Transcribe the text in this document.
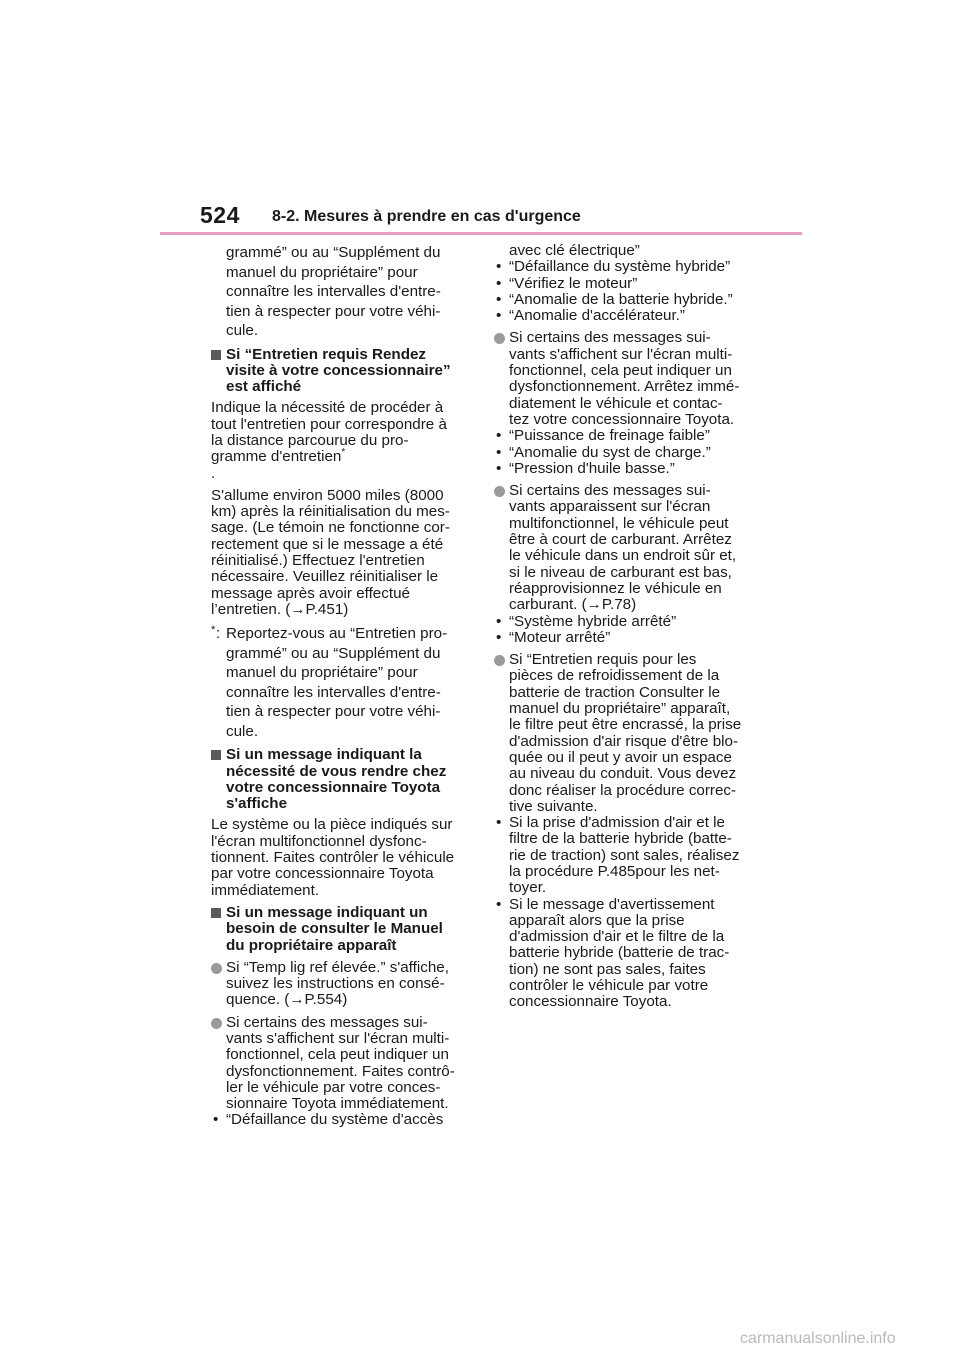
524 8-2. Mesures à prendre en cas d'urgence
grammé” ou au “Supplément du
manuel du propriétaire” pour
connaître les intervalles d'entre-
tien à respecter pour votre véhi-
cule.
Si “Entretien requis Rendez
visite à votre concessionnaire”
est affiché
Indique la nécessité de procéder à
tout l'entretien pour correspondre à
la distance parcourue du pro-
gramme d'entretien*
.
S'allume environ 5000 miles (8000
km) après la réinitialisation du mes-
sage. (Le témoin ne fonctionne cor-
rectement que si le message a été
réinitialisé.) Effectuez l'entretien
nécessaire. Veuillez réinitialiser le
message après avoir effectué
l’entretien. (→P.451)
* : Reportez-vous au “Entretien pro-
grammé” ou au “Supplément du
manuel du propriétaire” pour
connaître les intervalles d'entre-
tien à respecter pour votre véhi-
cule.
Si un message indiquant la
nécessité de vous rendre chez
votre concessionnaire Toyota
s'affiche
Le système ou la pièce indiqués sur
l'écran multifonctionnel dysfonc-
tionnent. Faites contrôler le véhicule
par votre concessionnaire Toyota
immédiatement.
Si un message indiquant un
besoin de consulter le Manuel
du propriétaire apparaît
Si “Temp lig ref élevée.” s'affiche,
suivez les instructions en consé-
quence. (→P.554)
Si certains des messages sui-
vants s'affichent sur l'écran multi-
fonctionnel, cela peut indiquer un
dysfonctionnement. Faites contrô-
ler le véhicule par votre conces-
sionnaire Toyota immédiatement.
• “Défaillance du système d'accès
avec clé électrique”
• “Défaillance du système hybride”
• “Vérifiez le moteur”
• “Anomalie de la batterie hybride.”
• “Anomalie d'accélérateur.”
Si certains des messages sui-
vants s'affichent sur l'écran multi-
fonctionnel, cela peut indiquer un
dysfonctionnement. Arrêtez immé-
diatement le véhicule et contac-
tez votre concessionnaire Toyota.
• “Puissance de freinage faible”
• “Anomalie du syst de charge.”
• “Pression d'huile basse.”
Si certains des messages sui-
vants apparaissent sur l'écran
multifonctionnel, le véhicule peut
être à court de carburant. Arrêtez
le véhicule dans un endroit sûr et,
si le niveau de carburant est bas,
réapprovisionnez le véhicule en
carburant. (→P.78)
• “Système hybride arrêté”
• “Moteur arrêté”
Si “Entretien requis pour les
pièces de refroidissement de la
batterie de traction Consulter le
manuel du propriétaire” apparaît,
le filtre peut être encrassé, la prise
d'admission d'air risque d'être blo-
quée ou il peut y avoir un espace
au niveau du conduit. Vous devez
donc réaliser la procédure correc-
tive suivante.
• Si la prise d'admission d'air et le
filtre de la batterie hybride (batte-
rie de traction) sont sales, réalisez
la procédure P.485pour les net-
toyer.
• Si le message d'avertissement
apparaît alors que la prise
d'admission d'air et le filtre de la
batterie hybride (batterie de trac-
tion) ne sont pas sales, faites
contrôler le véhicule par votre
concessionnaire Toyota.
carmanualsonline.info
